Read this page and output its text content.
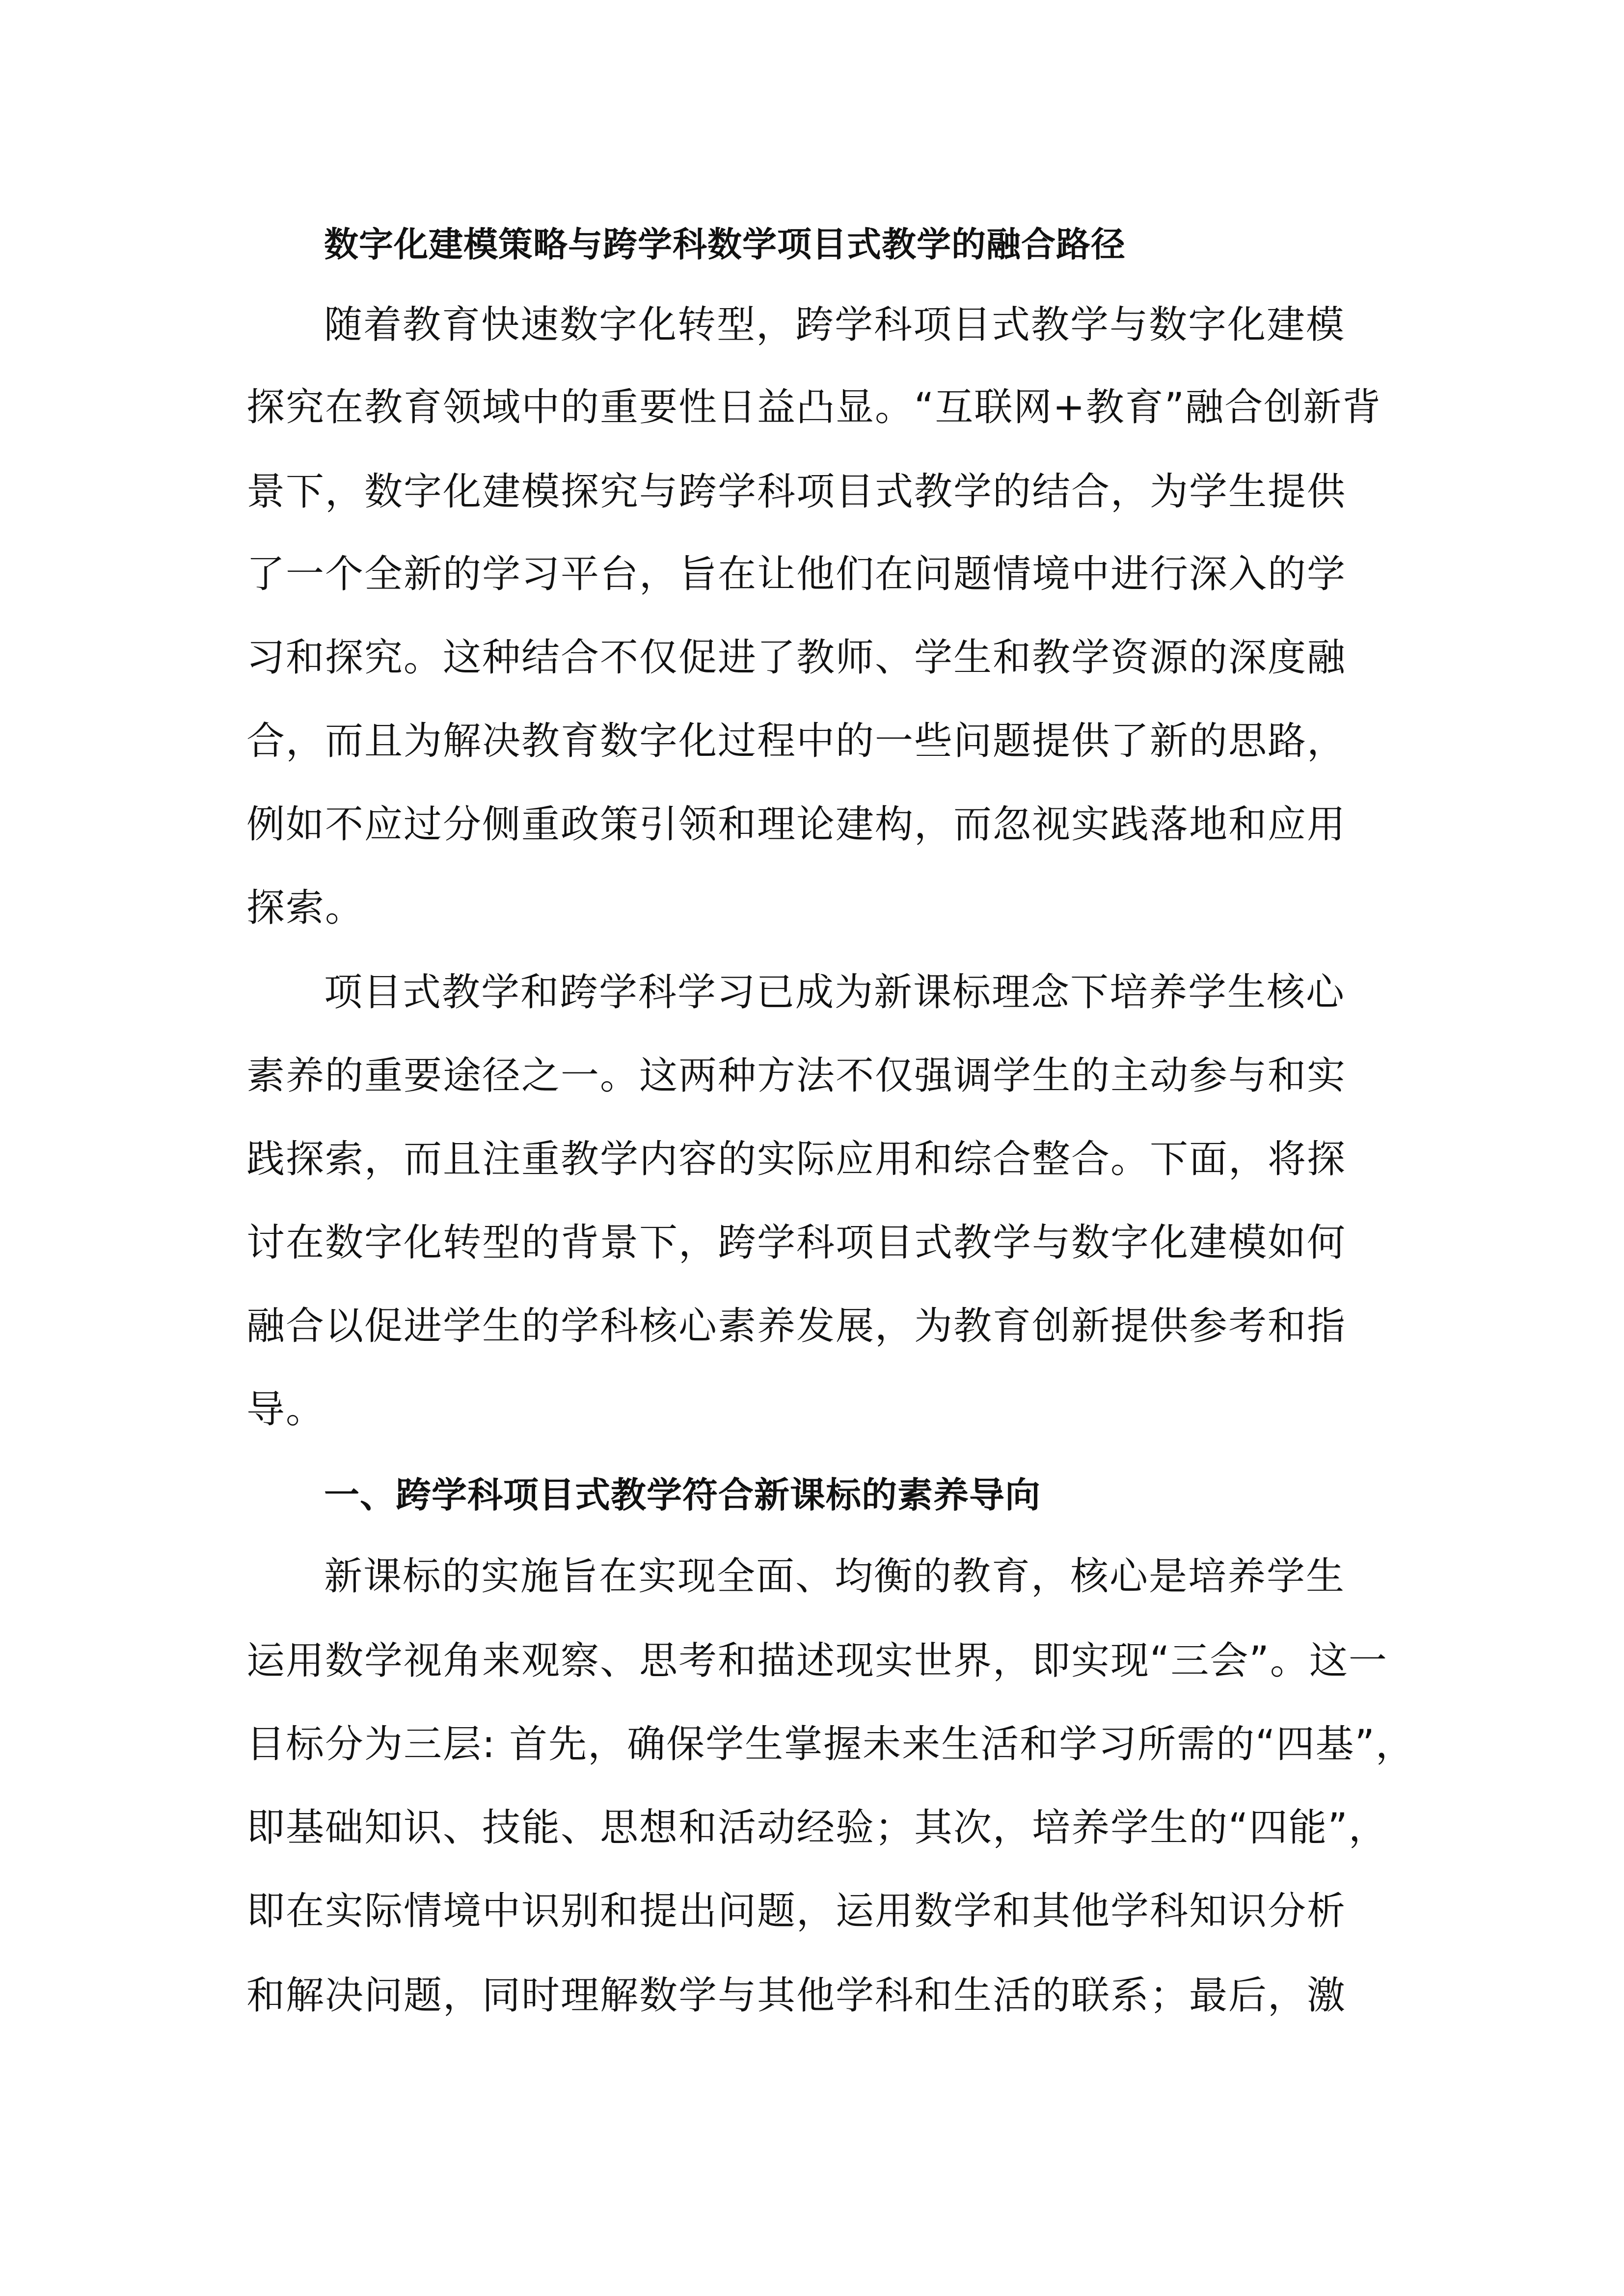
数字化建模策略与跨学科数学项目式教学的融合路径
随着教育快速数字化转型，跨学科项目式教学与数字化建模
探究在教育领域中的重要性日益凸显。“互联网+教育”融合创新背
景下，数字化建模探究与跨学科项目式教学的结合，为学生提供
了一个全新的学习平台，旨在让他们在问题情境中进行深入的学
习和探究。这种结合不仅促进了教师、学生和教学资源的深度融
合，而且为解决教育数字化过程中的一些问题提供了新的思路，
例如不应过分侧重政策引领和理论建构，而忽视实践落地和应用
探索。
项目式教学和跨学科学习已成为新课标理念下培养学生核心
素养的重要途径之一。这两种方法不仅强调学生的主动参与和实
践探索，而且注重教学内容的实际应用和综合整合。下面，将探
讨在数字化转型的背景下，跨学科项目式教学与数字化建模如何
融合以促进学生的学科核心素养发展，为教育创新提供参考和指
导。
一、跨学科项目式教学符合新课标的素养导向
新课标的实施旨在实现全面、均衡的教育，核心是培养学生
运用数学视角来观察、思考和描述现实世界，即实现“三会”。这一
目标分为三层: 首先，确保学生掌握未来生活和学习所需的“四基”，
即基础知识、技能、思想和活动经验；其次，培养学生的“四能”，
即在实际情境中识别和提出问题，运用数学和其他学科知识分析
和解决问题，同时理解数学与其他学科和生活的联系；最后，激
